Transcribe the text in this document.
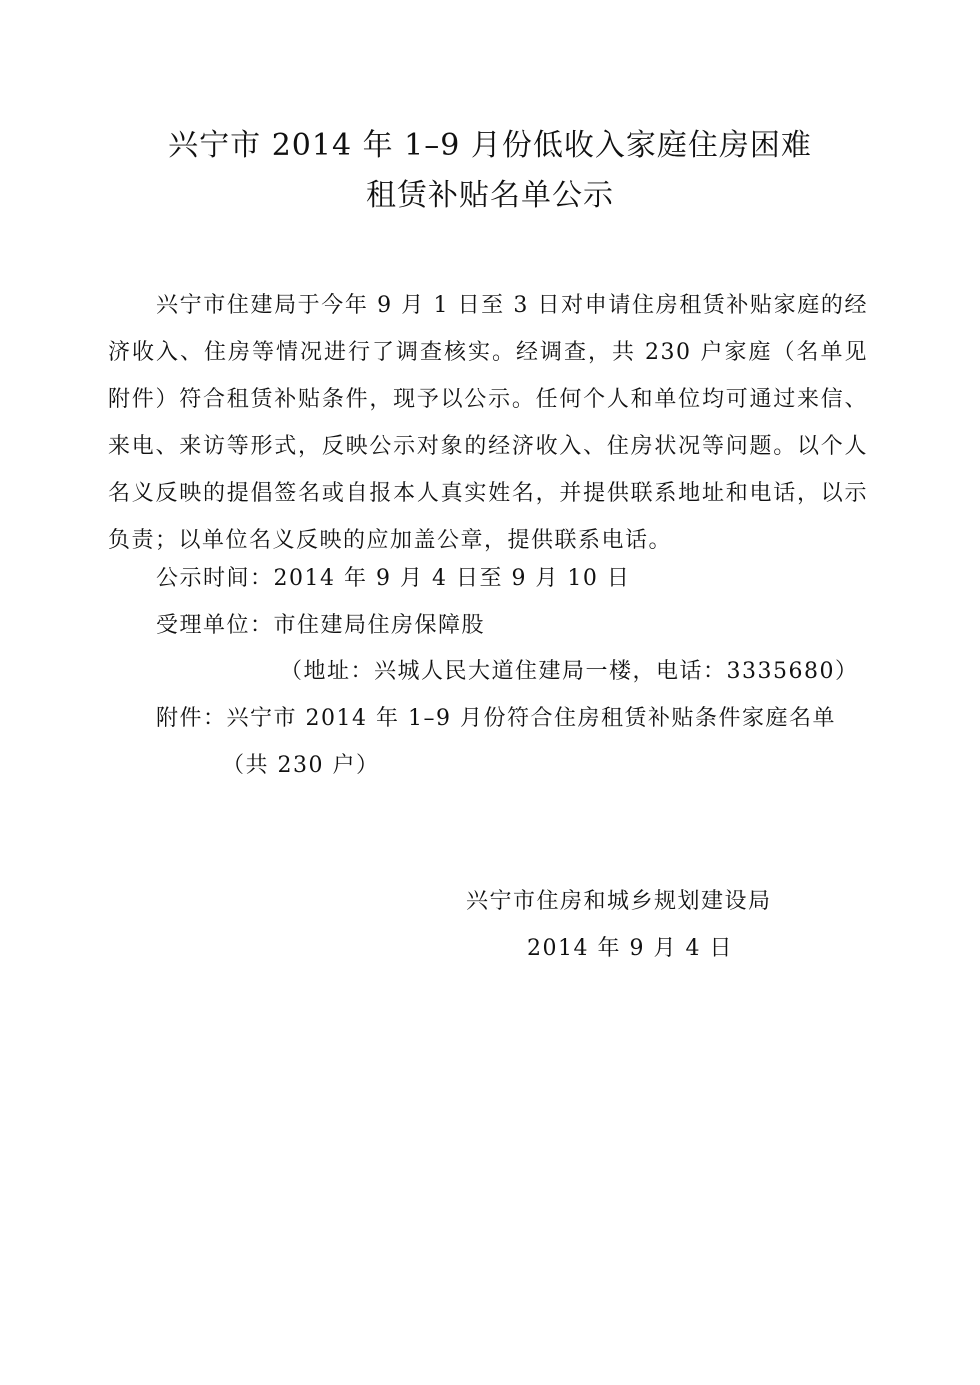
兴宁市 2014 年 1–9 月份低收入家庭住房困难
租赁补贴名单公示
兴宁市住建局于今年 9 月 1 日至 3 日对申请住房租赁补贴家庭的经济收入、住房等情况进行了调查核实。经调查，共 230 户家庭（名单见附件）符合租赁补贴条件，现予以公示。任何个人和单位均可通过来信、来电、来访等形式，反映公示对象的经济收入、住房状况等问题。以个人名义反映的提倡签名或自报本人真实姓名，并提供联系地址和电话，以示负责；以单位名义反映的应加盖公章，提供联系电话。
公示时间：2014 年 9 月 4 日至 9 月 10 日
受理单位：市住建局住房保障股
（地址：兴城人民大道住建局一楼，电话：3335680）
附件：兴宁市 2014 年 1–9 月份符合住房租赁补贴条件家庭名单
（共 230 户）
兴宁市住房和城乡规划建设局
2014 年 9 月 4 日
